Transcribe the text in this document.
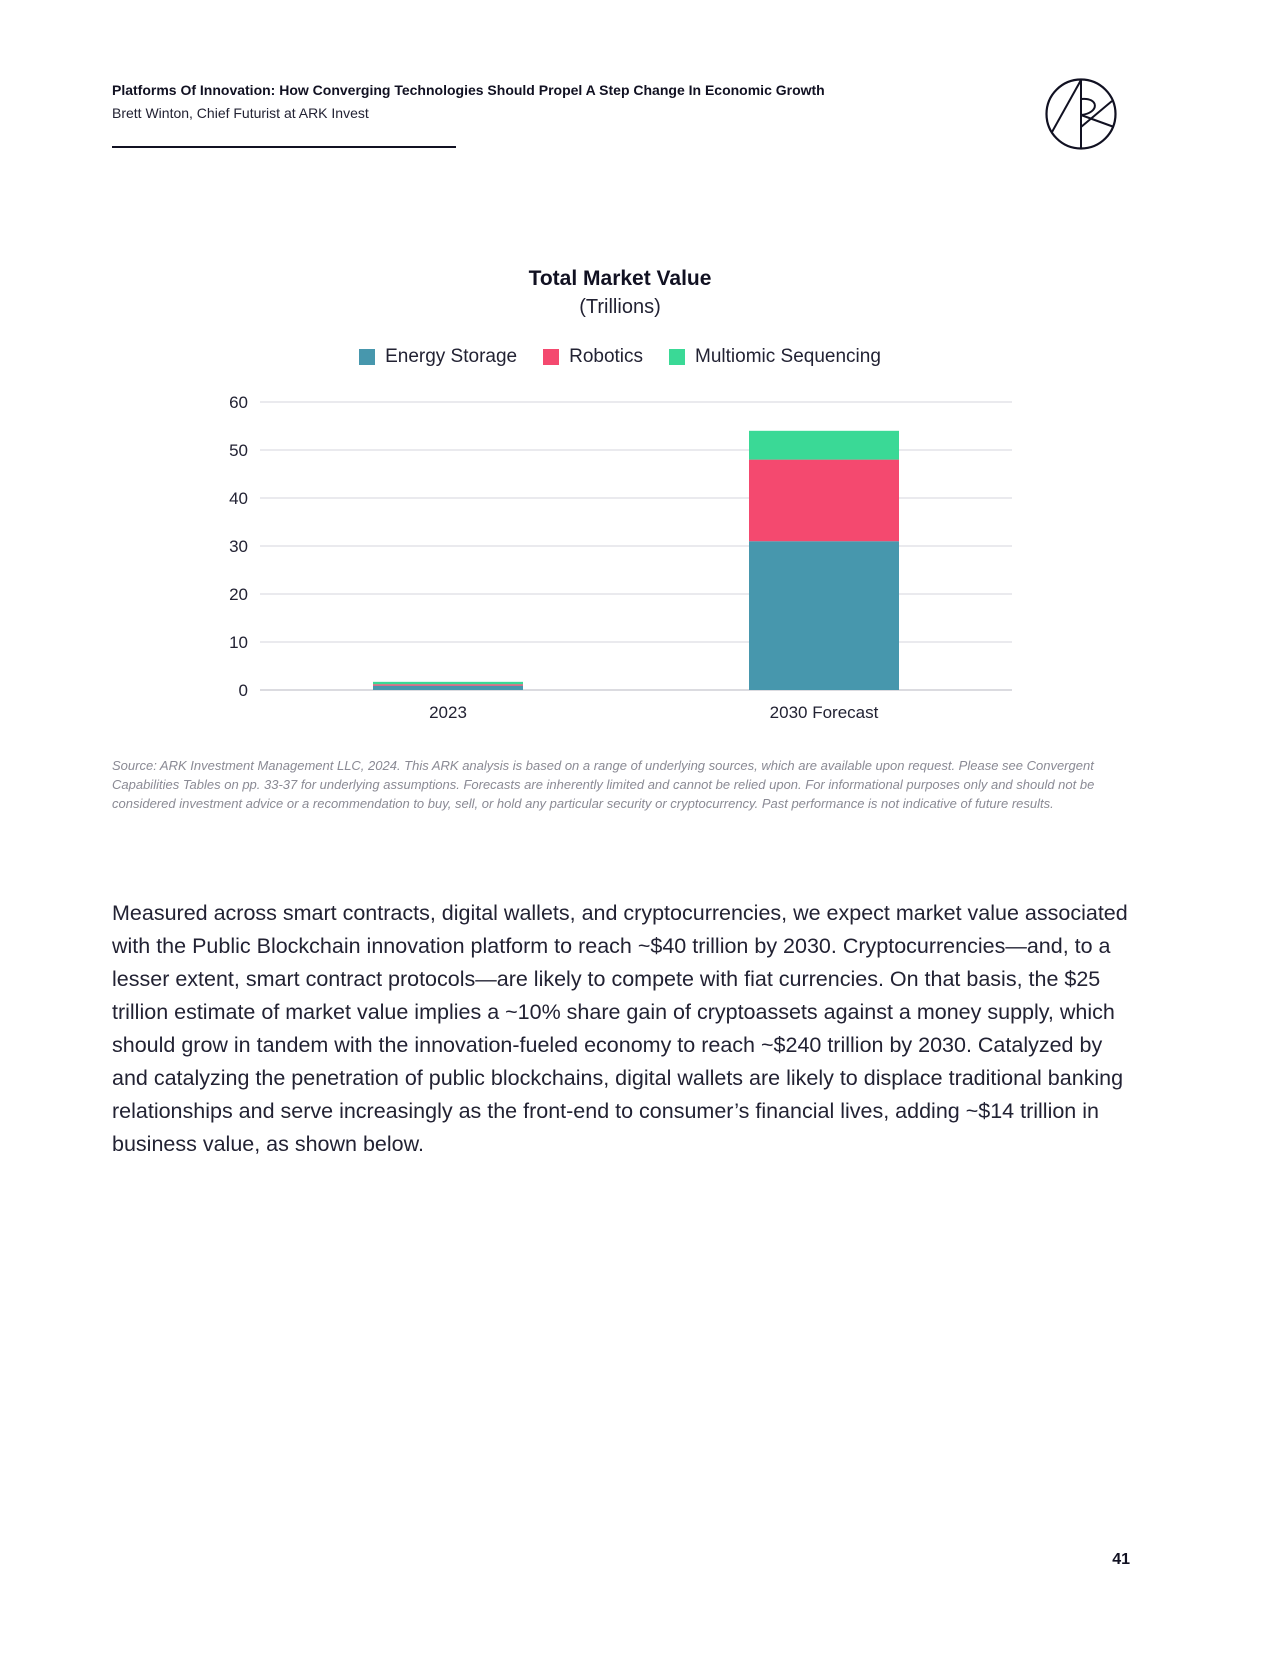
Platforms Of Innovation: How Converging Technologies Should Propel A Step Change In Economic Growth
Brett Winton, Chief Futurist at ARK Invest
Total Market Value
(Trillions)
Energy Storage	Robotics	Multiomic Sequencing
0
10
20
30
40
50
60
2023	2030 Forecast
Source: ARK Investment Management LLC, 2024. This ARK analysis is based on a range of underlying sources, which are available upon request. Please see Convergent Capabilities Tables on pp. 33-37 for underlying assumptions. Forecasts are inherently limited and cannot be relied upon. For informational purposes only and should not be considered investment advice or a recommendation to buy, sell, or hold any particular security or cryptocurrency. Past performance is not indicative of future results.
Measured across smart contracts, digital wallets, and cryptocurrencies, we expect market value associated with the Public Blockchain innovation platform to reach ~$40 trillion by 2030. Cryptocurrencies—and, to a lesser extent, smart contract protocols—are likely to compete with fiat currencies. On that basis, the $25 trillion estimate of market value implies a ~10% share gain of cryptoassets against a money supply, which should grow in tandem with the innovation-fueled economy to reach ~$240 trillion by 2030. Catalyzed by and catalyzing the penetration of public blockchains, digital wallets are likely to displace traditional banking relationships and serve increasingly as the front-end to consumer’s financial lives, adding ~$14 trillion in business value, as shown below.
41
